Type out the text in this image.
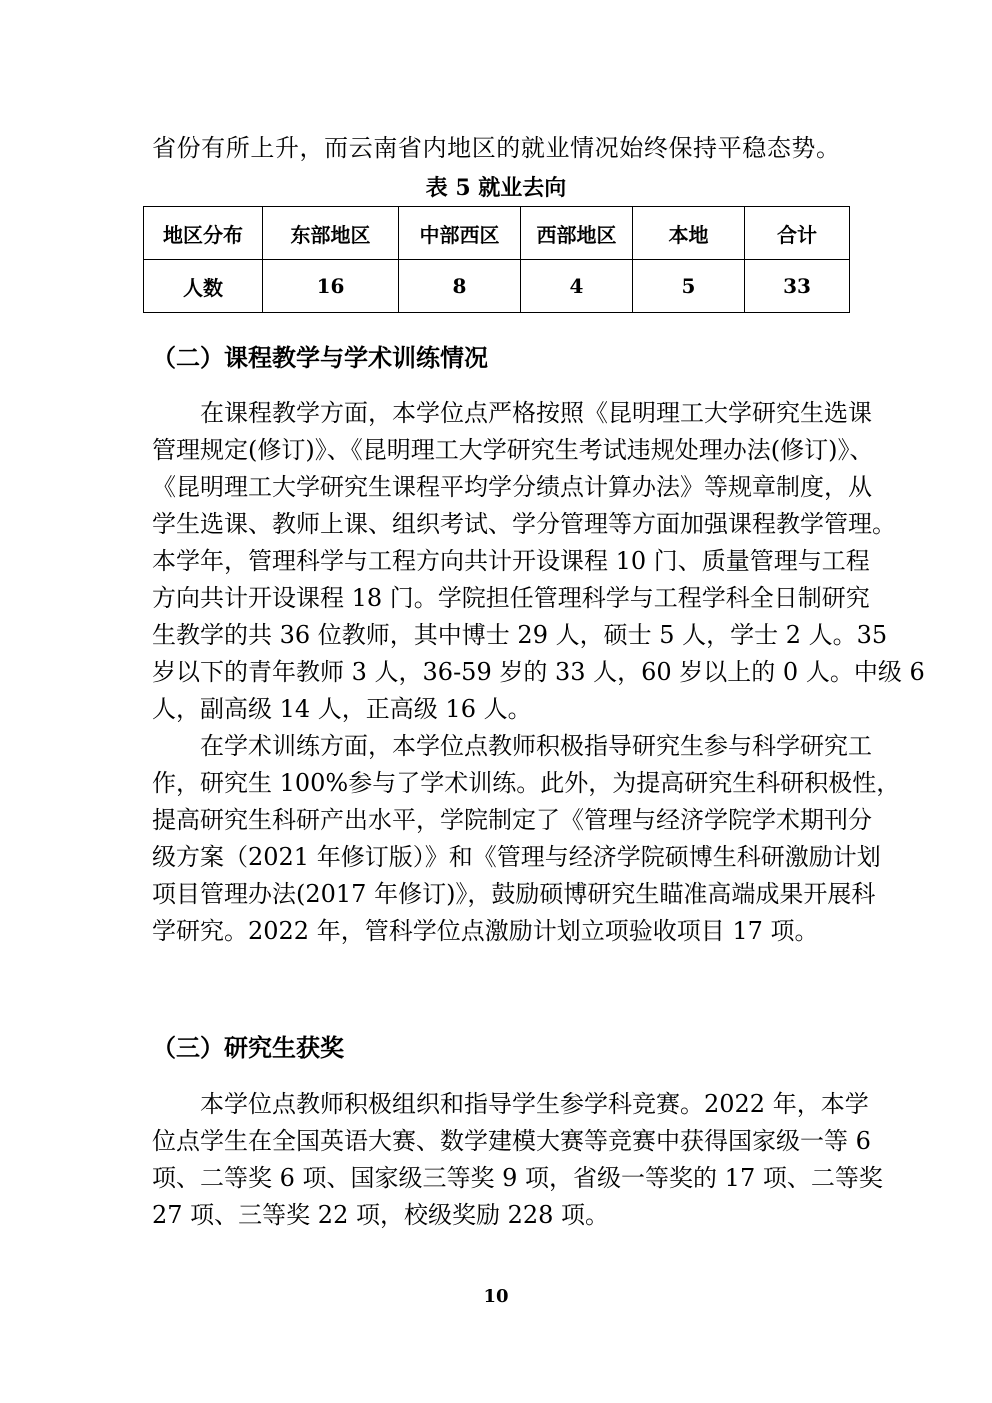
省份有所上升，而云南省内地区的就业情况始终保持平稳态势。
表 5 就业去向
地区分布	东部地区	中部西区	西部地区	本地	合计
人数	16	8	4	5	33
（二）课程教学与学术训练情况
在课程教学方面，本学位点严格按照《昆明理工大学研究生选课
管理规定(修订)》、《昆明理工大学研究生考试违规处理办法(修订)》、
《昆明理工大学研究生课程平均学分绩点计算办法》等规章制度，从
学生选课、教师上课、组织考试、学分管理等方面加强课程教学管理。
本学年，管理科学与工程方向共计开设课程 10 门、质量管理与工程
方向共计开设课程 18 门。学院担任管理科学与工程学科全日制研究
生教学的共 36 位教师，其中博士 29 人，硕士 5 人，学士 2 人。35
岁以下的青年教师 3 人，36-59 岁的 33 人，60 岁以上的 0 人。中级 6
人，副高级 14 人，正高级 16 人。
在学术训练方面，本学位点教师积极指导研究生参与科学研究工
作，研究生 100%参与了学术训练。此外，为提高研究生科研积极性，
提高研究生科研产出水平，学院制定了《管理与经济学院学术期刊分
级方案（2021 年修订版）》和《管理与经济学院硕博生科研激励计划
项目管理办法(2017 年修订)》，鼓励硕博研究生瞄准高端成果开展科
学研究。2022 年，管科学位点激励计划立项验收项目 17 项。
（三）研究生获奖
本学位点教师积极组织和指导学生参学科竞赛。2022 年，本学
位点学生在全国英语大赛、数学建模大赛等竞赛中获得国家级一等 6
项、二等奖 6 项、国家级三等奖 9 项，省级一等奖的 17 项、二等奖
27 项、三等奖 22 项，校级奖励 228 项。
10
